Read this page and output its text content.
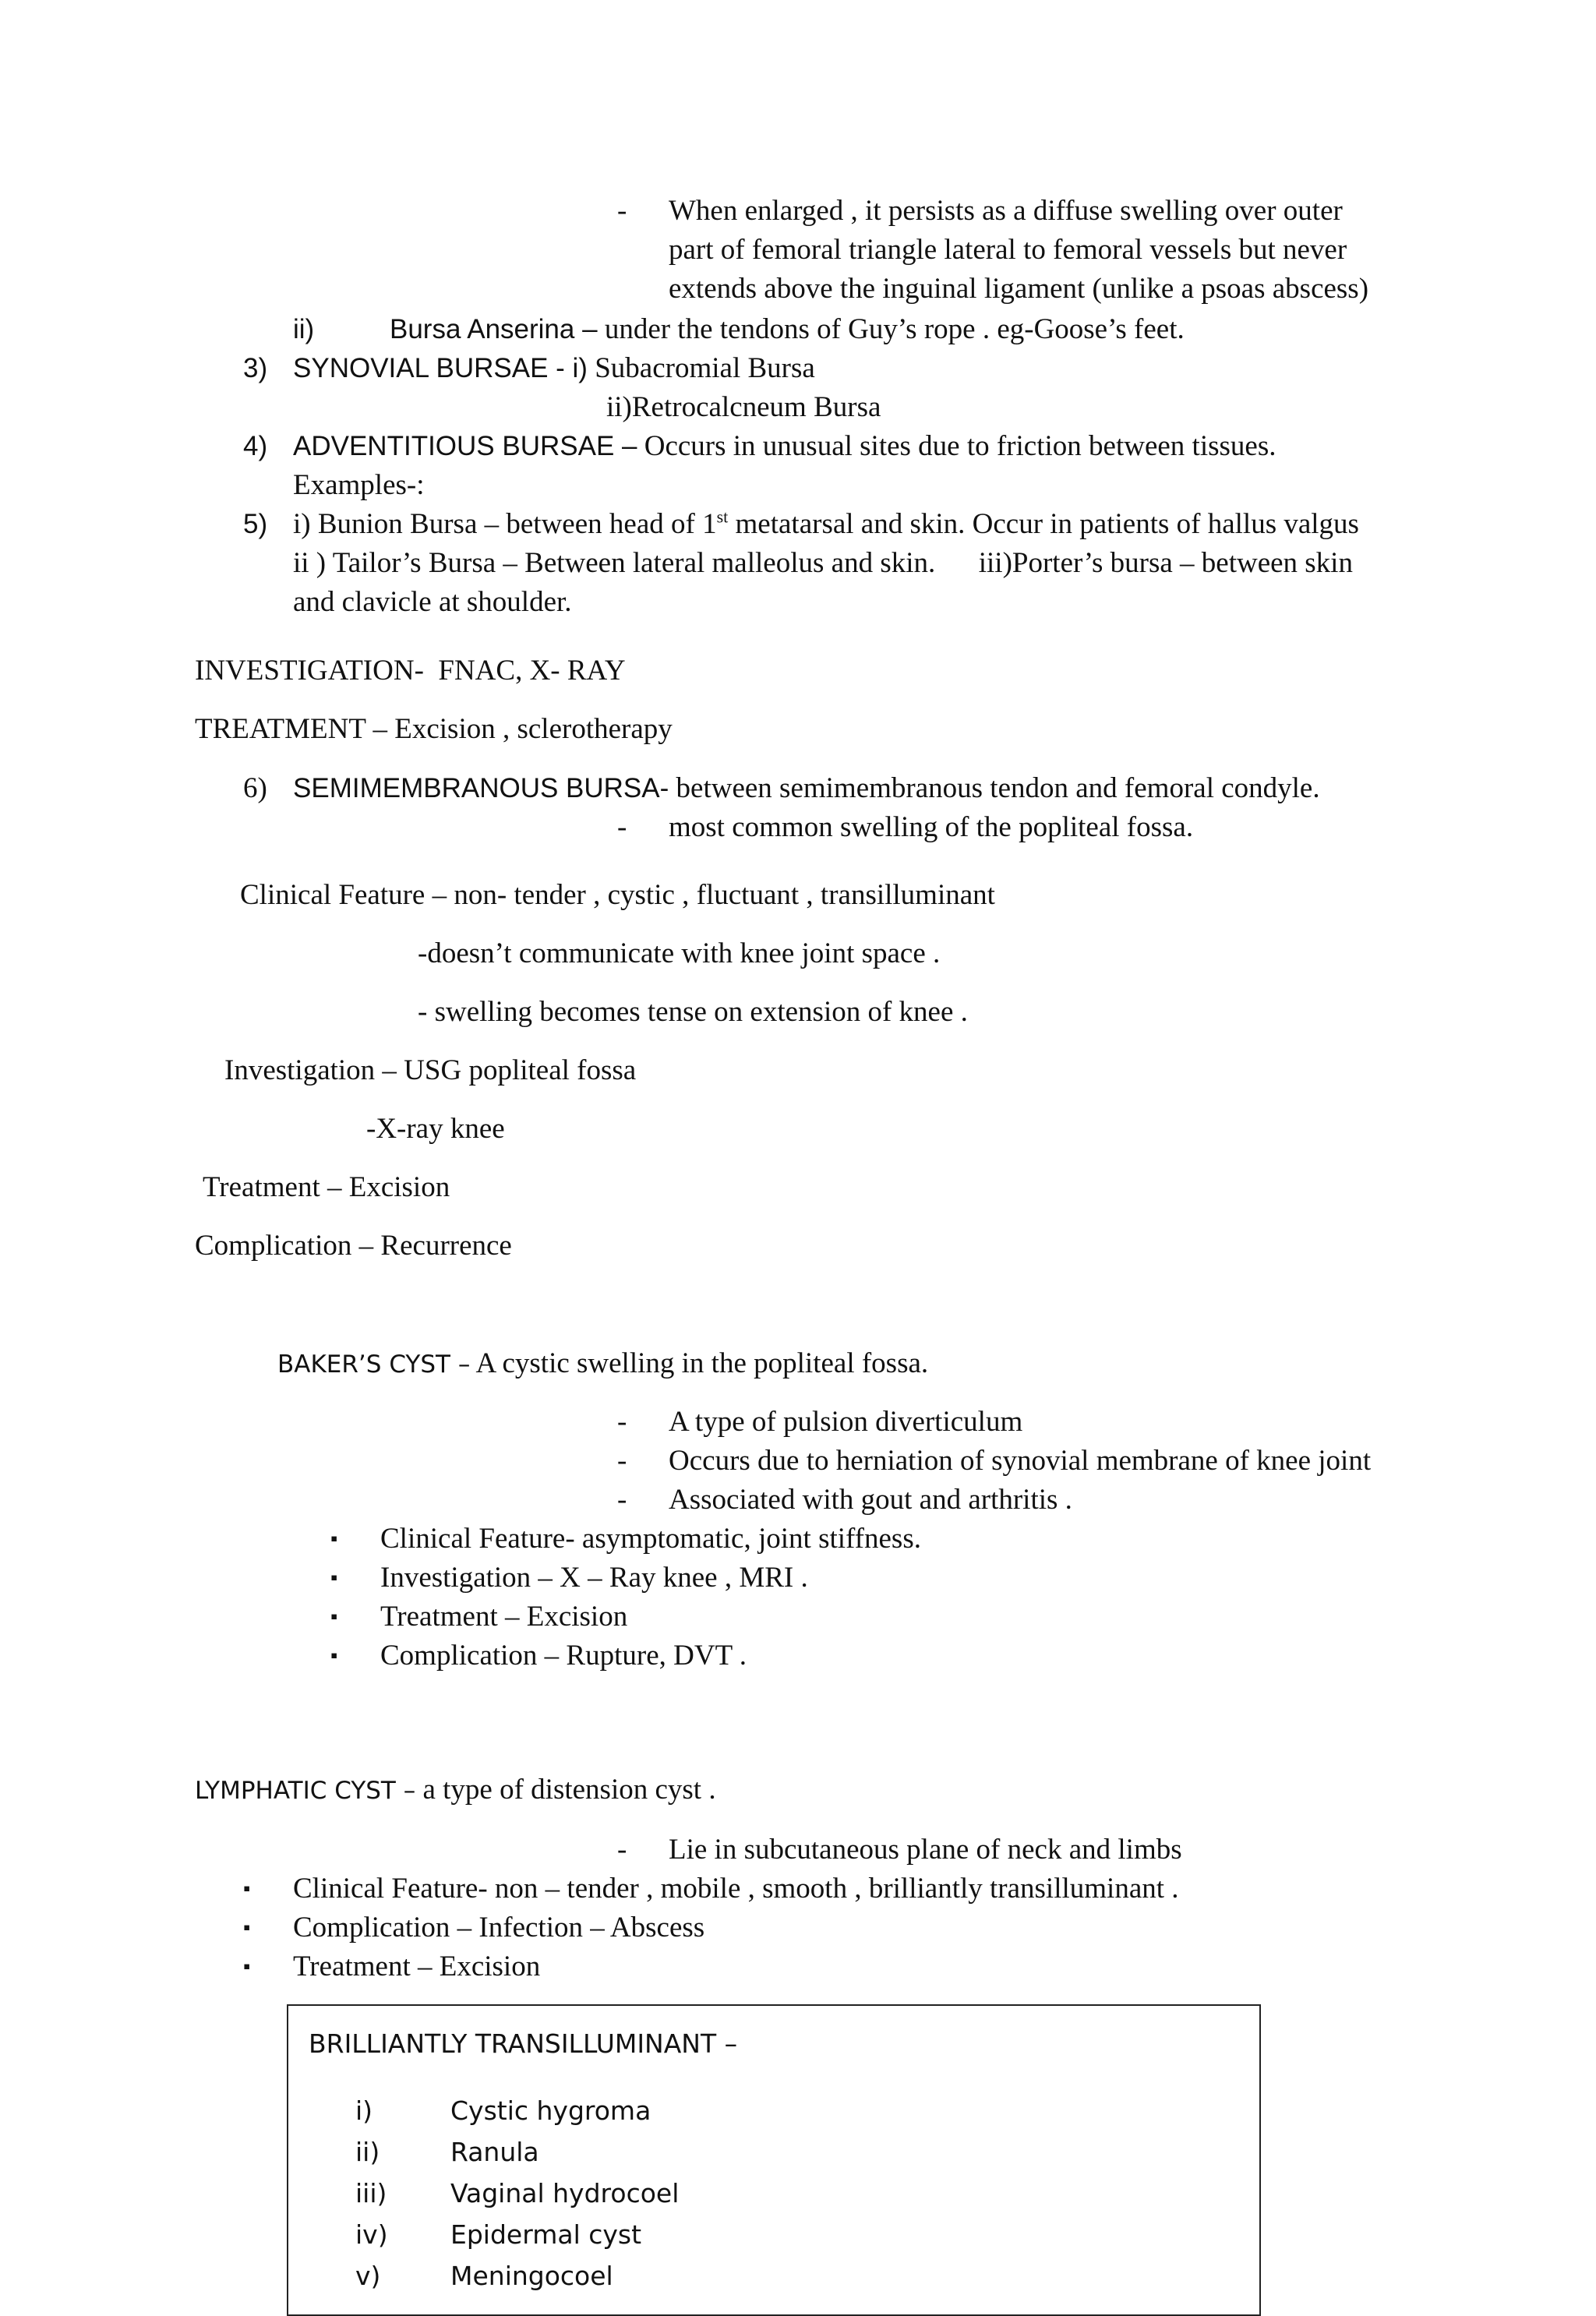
- When enlarged , it persists as a diffuse swelling over outer
part of femoral triangle lateral to femoral vessels but never
extends above the inguinal ligament (unlike a psoas abscess)
ii)	Bursa Anserina – under the tendons of Guy’s rope . eg-Goose’s feet.
3) SYNOVIAL BURSAE - i) Subacromial Bursa
ii)Retrocalcneum Bursa
4) ADVENTITIOUS BURSAE – Occurs in unusual sites due to friction between tissues.
Examples-:
5) i) Bunion Bursa – between head of 1st metatarsal and skin. Occur in patients of hallus valgus
ii ) Tailor’s Bursa – Between lateral malleolus and skin.      iii)Porter’s bursa – between skin
and clavicle at shoulder.
INVESTIGATION-  FNAC, X- RAY
TREATMENT – Excision , sclerotherapy
6) SEMIMEMBRANOUS BURSA- between semimembranous tendon and femoral condyle.
- most common swelling of the popliteal fossa.
Clinical Feature – non- tender , cystic , fluctuant , transilluminant
-doesn’t communicate with knee joint space .
- swelling becomes tense on extension of knee .
Investigation – USG popliteal fossa
-X-ray knee
Treatment – Excision
Complication – Recurrence
BAKER’S CYST – A cystic swelling in the popliteal fossa.
- A type of pulsion diverticulum
- Occurs due to herniation of synovial membrane of knee joint
- Associated with gout and arthritis .
▪ Clinical Feature- asymptomatic, joint stiffness.
▪ Investigation – X – Ray knee , MRI .
▪ Treatment – Excision
▪ Complication – Rupture, DVT .
LYMPHATIC CYST – a type of distension cyst .
- Lie in subcutaneous plane of neck and limbs
▪ Clinical Feature- non – tender , mobile , smooth , brilliantly transilluminant .
▪ Complication – Infection – Abscess
▪ Treatment – Excision
BRILLIANTLY TRANSILLUMINANT –
i)	Cystic hygroma
ii)	Ranula
iii) Vaginal hydrocoel
iv) Epidermal cyst
v)	Meningocoel
